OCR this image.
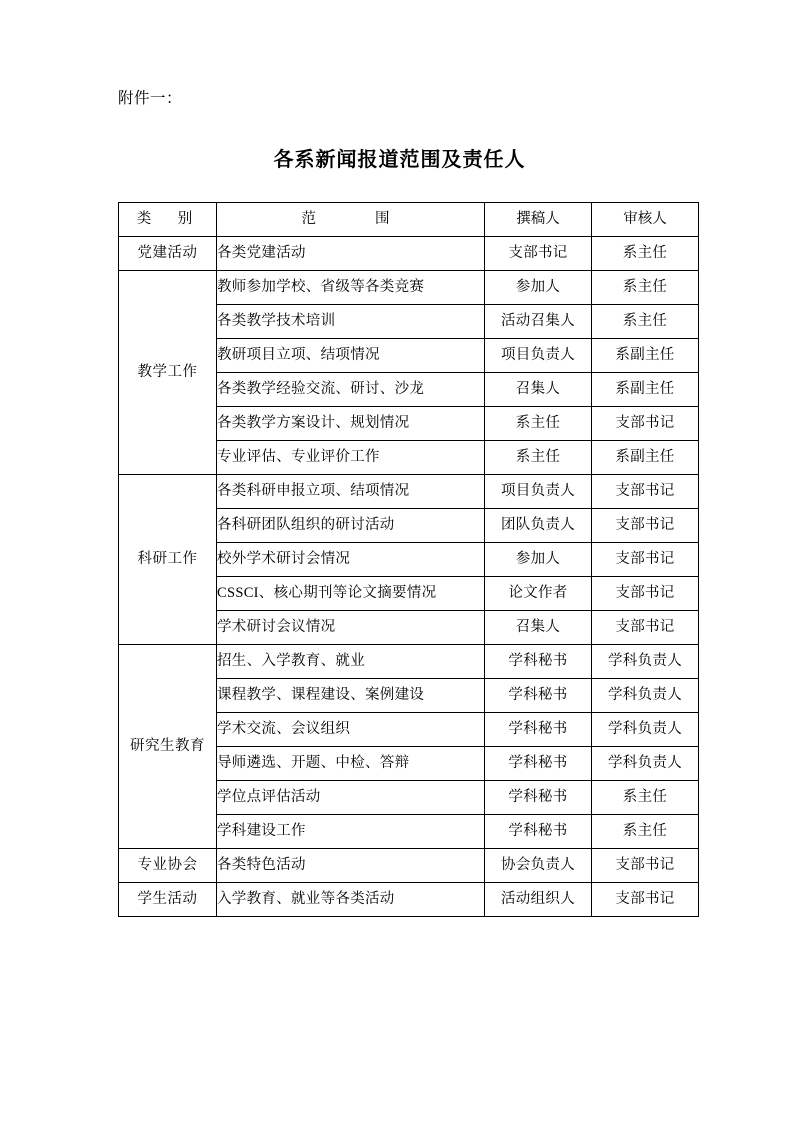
附件一：
各系新闻报道范围及责任人
类　别	范　　围	撰稿人	审核人
党建活动	各类党建活动	支部书记	系主任
教学工作	教师参加学校、省级等各类竞赛	参加人	系主任
	各类教学技术培训	活动召集人	系主任
	教研项目立项、结项情况	项目负责人	系副主任
	各类教学经验交流、研讨、沙龙	召集人	系副主任
	各类教学方案设计、规划情况	系主任	支部书记
	专业评估、专业评价工作	系主任	系副主任
科研工作	各类科研申报立项、结项情况	项目负责人	支部书记
	各科研团队组织的研讨活动	团队负责人	支部书记
	校外学术研讨会情况	参加人	支部书记
	CSSCI、核心期刊等论文摘要情况	论文作者	支部书记
	学术研讨会议情况	召集人	支部书记
研究生教育	招生、入学教育、就业	学科秘书	学科负责人
	课程教学、课程建设、案例建设	学科秘书	学科负责人
	学术交流、会议组织	学科秘书	学科负责人
	导师遴选、开题、中检、答辩	学科秘书	学科负责人
	学位点评估活动	学科秘书	系主任
	学科建设工作	学科秘书	系主任
专业协会	各类特色活动	协会负责人	支部书记
学生活动	入学教育、就业等各类活动	活动组织人	支部书记
